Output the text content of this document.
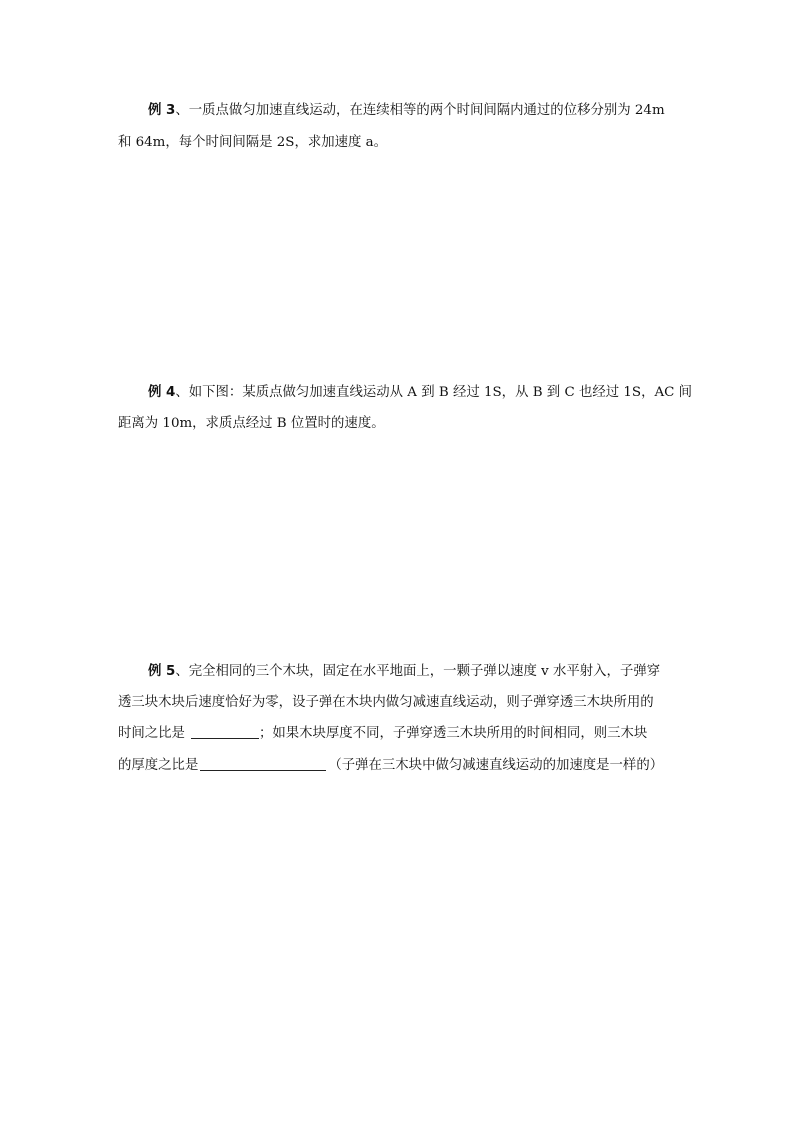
例 3、一质点做匀加速直线运动，在连续相等的两个时间间隔内通过的位移分别为 24m
和 64m，每个时间间隔是 2S，求加速度 a。
例 4、如下图：某质点做匀加速直线运动从 A 到 B 经过 1S，从 B 到 C 也经过 1S，AC 间
距离为 10m，求质点经过 B 位置时的速度。
例 5、完全相同的三个木块，固定在水平地面上，一颗子弹以速度 v 水平射入，子弹穿
透三块木块后速度恰好为零，设子弹在木块内做匀减速直线运动，则子弹穿透三木块所用的
时间之比是	；如果木块厚度不同，子弹穿透三木块所用的时间相同，则三木块
的厚度之比是	（子弹在三木块中做匀减速直线运动的加速度是一样的）
